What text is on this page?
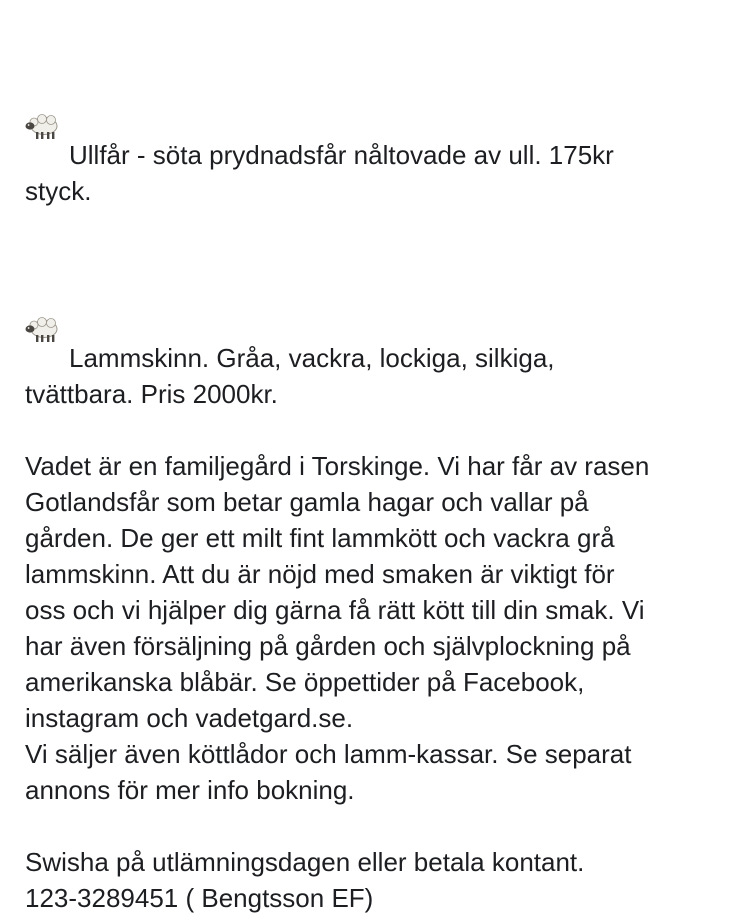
Ullfår - söta prydnadsfår nåltovade av ull. 175kr
styck.

Lammskinn. Gråa, vackra, lockiga, silkiga,
tvättbara. Pris 2000kr.

Vadet är en familjegård i Torskinge. Vi har får av rasen
Gotlandsfår som betar gamla hagar och vallar på
gården. De ger ett milt fint lammkött och vackra grå
lammskinn. Att du är nöjd med smaken är viktigt för
oss och vi hjälper dig gärna få rätt kött till din smak. Vi
har även försäljning på gården och självplockning på
amerikanska blåbär. Se öppettider på Facebook,
instagram och vadetgard.se.
Vi säljer även köttlådor och lamm-kassar. Se separat
annons för mer info bokning.

Swisha på utlämningsdagen eller betala kontant.
123-3289451 ( Bengtsson EF)
